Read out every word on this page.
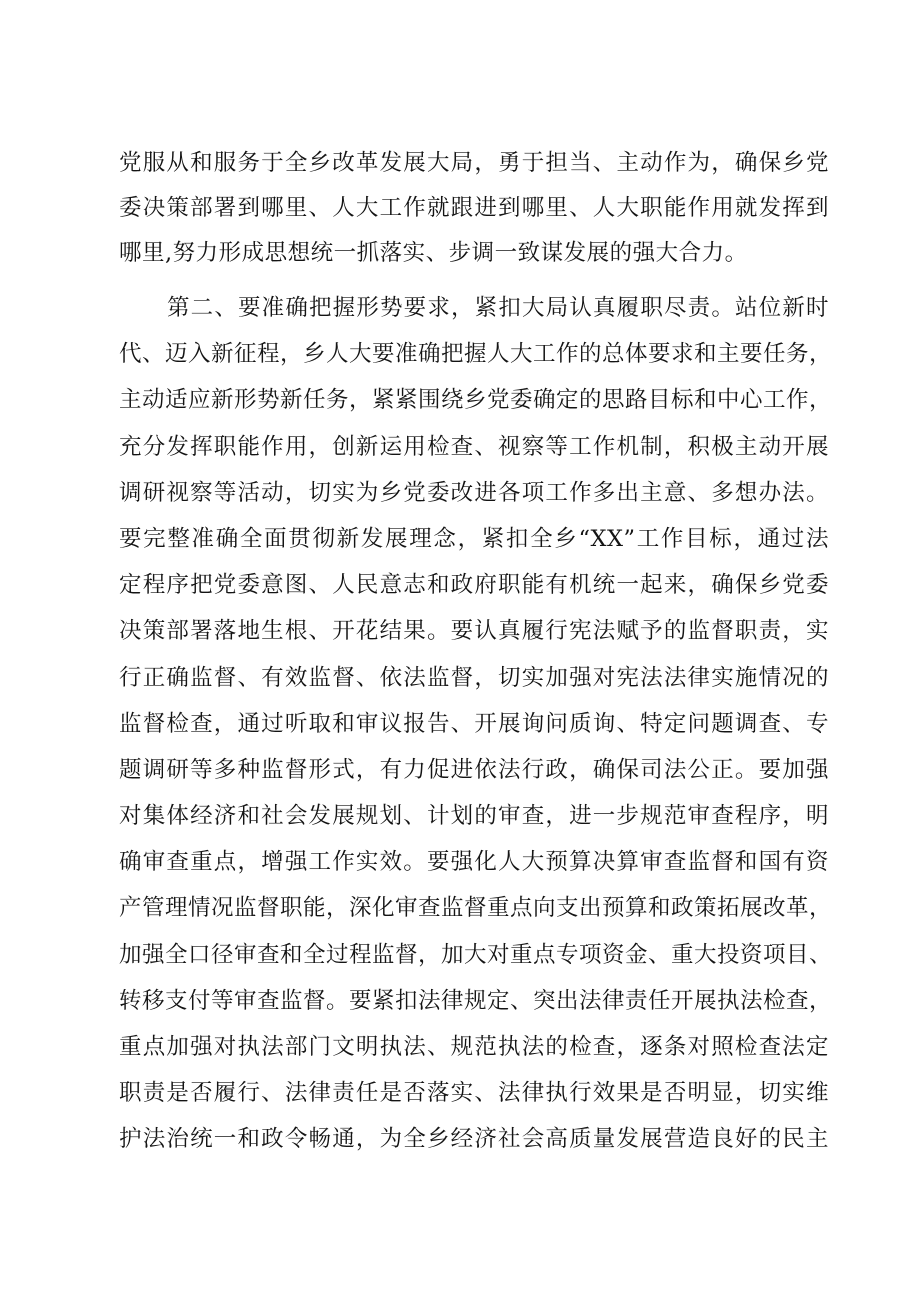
党服从和服务于全乡改革发展大局，勇于担当、主动作为，确保乡党
委决策部署到哪里、人大工作就跟进到哪里、人大职能作用就发挥到
哪里,努力形成思想统一抓落实、步调一致谋发展的强大合力。
第二、要准确把握形势要求，紧扣大局认真履职尽责。站位新时
代、迈入新征程，乡人大要准确把握人大工作的总体要求和主要任务，
主动适应新形势新任务，紧紧围绕乡党委确定的思路目标和中心工作，
充分发挥职能作用，创新运用检查、视察等工作机制，积极主动开展
调研视察等活动，切实为乡党委改进各项工作多出主意、多想办法。
要完整准确全面贯彻新发展理念，紧扣全乡“XX”工作目标，通过法
定程序把党委意图、人民意志和政府职能有机统一起来，确保乡党委
决策部署落地生根、开花结果。要认真履行宪法赋予的监督职责，实
行正确监督、有效监督、依法监督，切实加强对宪法法律实施情况的
监督检查，通过听取和审议报告、开展询问质询、特定问题调查、专
题调研等多种监督形式，有力促进依法行政，确保司法公正。要加强
对集体经济和社会发展规划、计划的审查，进一步规范审查程序，明
确审查重点，增强工作实效。要强化人大预算决算审查监督和国有资
产管理情况监督职能，深化审查监督重点向支出预算和政策拓展改革，
加强全口径审查和全过程监督，加大对重点专项资金、重大投资项目、
转移支付等审查监督。要紧扣法律规定、突出法律责任开展执法检查，
重点加强对执法部门文明执法、规范执法的检查，逐条对照检查法定
职责是否履行、法律责任是否落实、法律执行效果是否明显，切实维
护法治统一和政令畅通，为全乡经济社会高质量发展营造良好的民主
